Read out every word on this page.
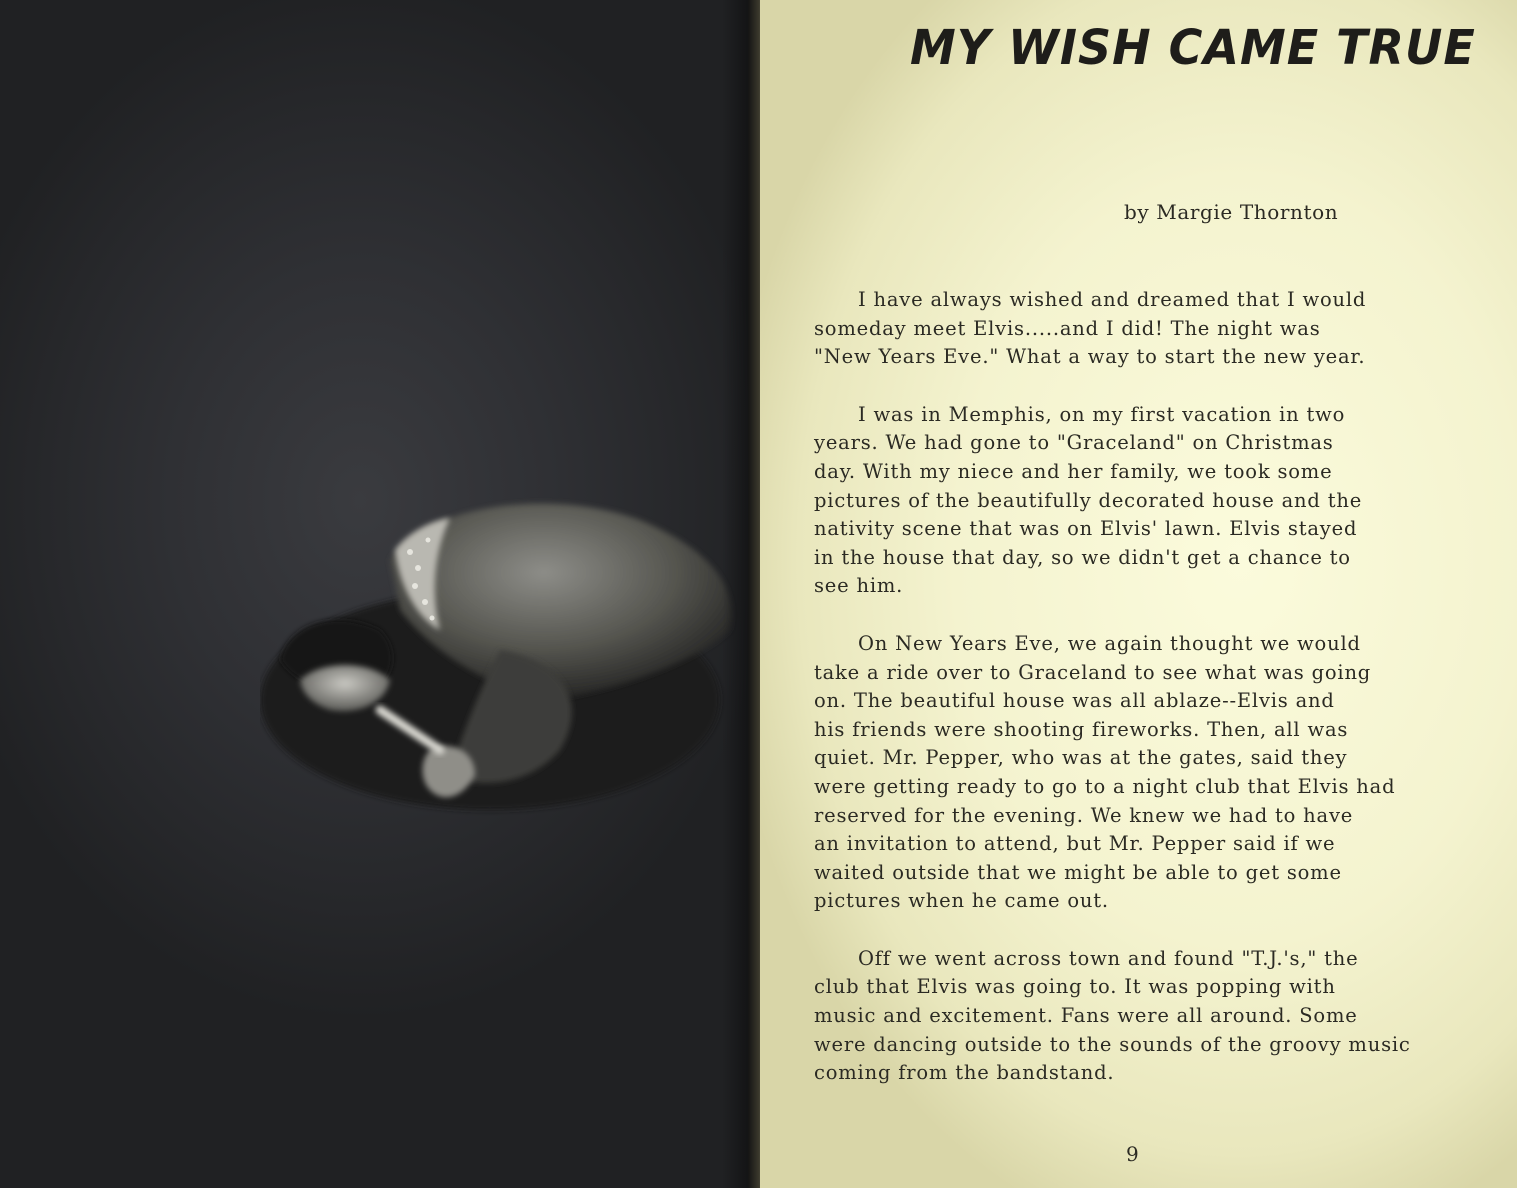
MY WISH CAME TRUE
by Margie Thornton

I have always wished and dreamed that I would
someday meet Elvis.....and I did! The night was
"New Years Eve." What a way to start the new year.

I was in Memphis, on my first vacation in two
years. We had gone to "Graceland" on Christmas
day. With my niece and her family, we took some
pictures of the beautifully decorated house and the
nativity scene that was on Elvis' lawn. Elvis stayed
in the house that day, so we didn't get a chance to
see him.

On New Years Eve, we again thought we would
take a ride over to Graceland to see what was going
on. The beautiful house was all ablaze--Elvis and
his friends were shooting fireworks. Then, all was
quiet. Mr. Pepper, who was at the gates, said they
were getting ready to go to a night club that Elvis had
reserved for the evening. We knew we had to have
an invitation to attend, but Mr. Pepper said if we
waited outside that we might be able to get some
pictures when he came out.

Off we went across town and found "T.J.'s," the
club that Elvis was going to. It was popping with
music and excitement. Fans were all around. Some
were dancing outside to the sounds of the groovy music
coming from the bandstand.

9
